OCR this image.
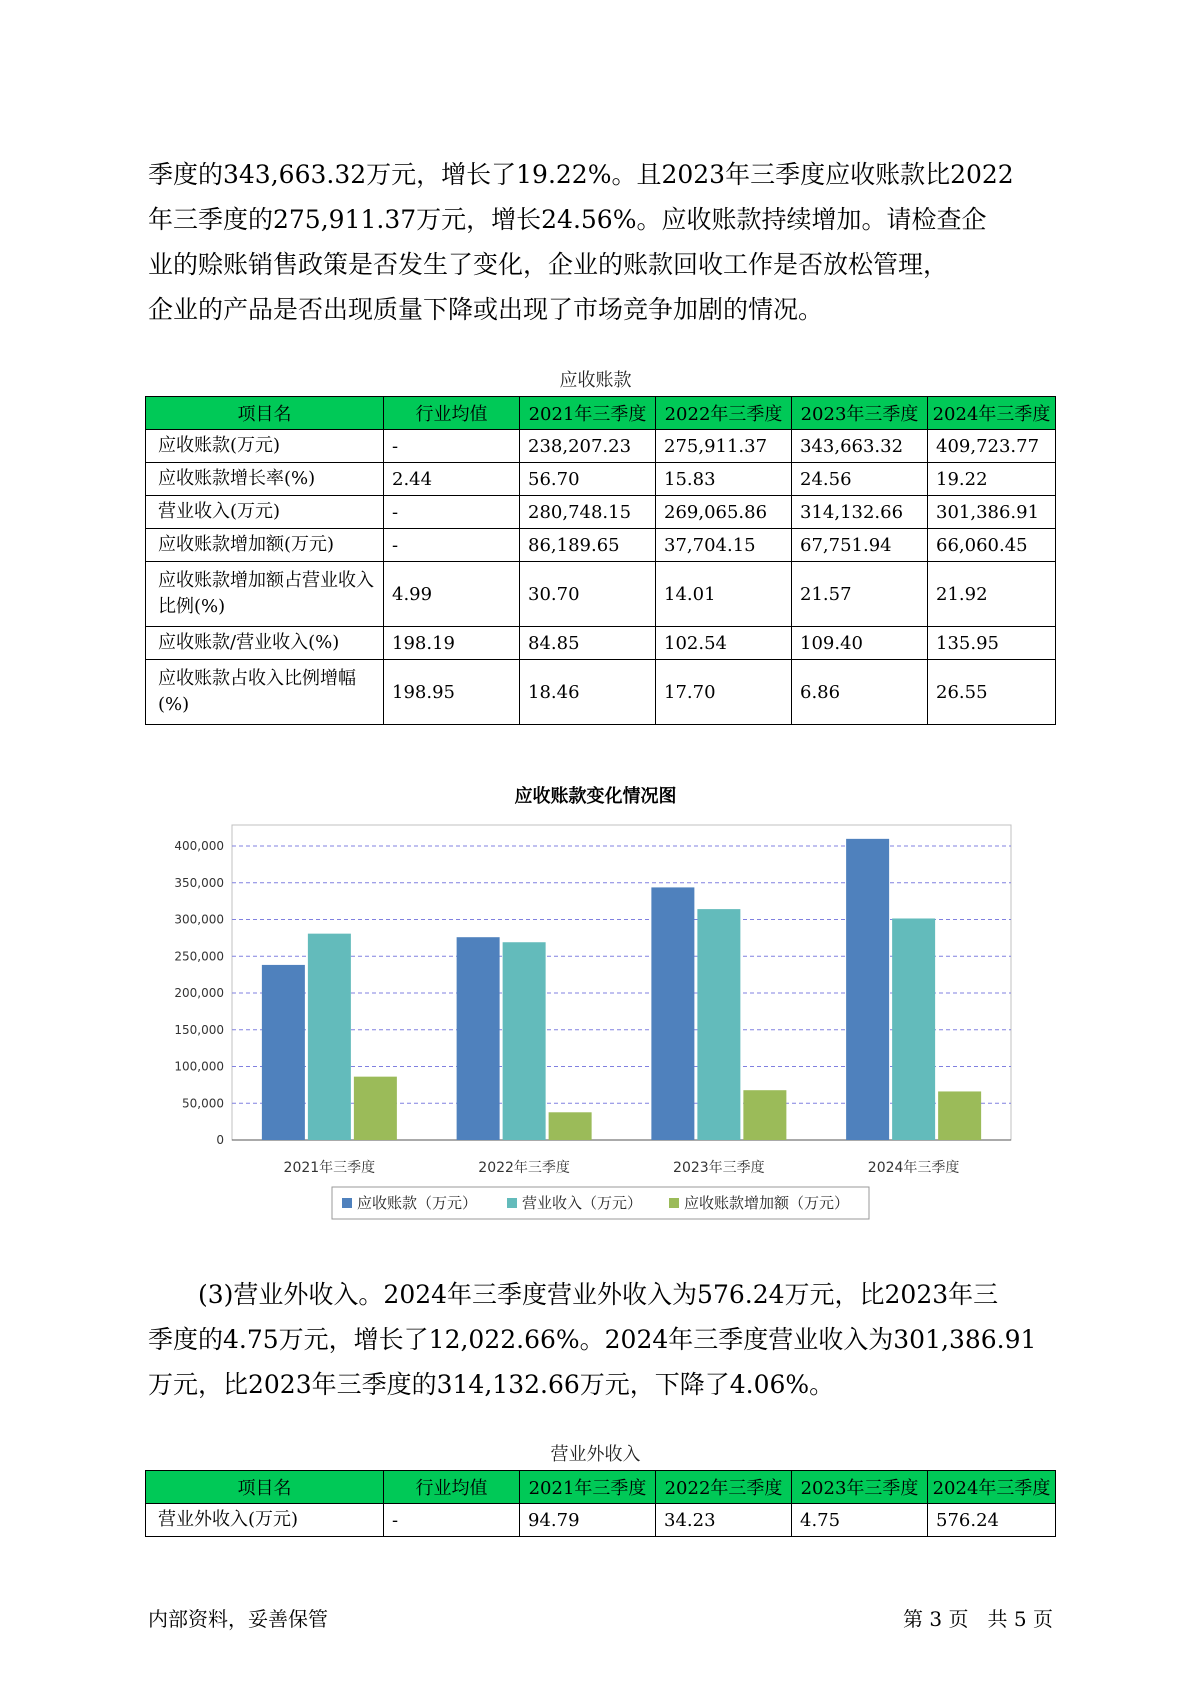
季度的343,663.32万元，增长了19.22%。且2023年三季度应收账款比2022
年三季度的275,911.37万元，增长24.56%。应收账款持续增加。请检查企
业的赊账销售政策是否发生了变化，企业的账款回收工作是否放松管理，
企业的产品是否出现质量下降或出现了市场竞争加剧的情况。
应收账款
项目名	行业均值	2021年三季度	2022年三季度	2023年三季度	2024年三季度
应收账款(万元)	-	238,207.23	275,911.37	343,663.32	409,723.77
应收账款增长率(%)	2.44	56.70	15.83	24.56	19.22
营业收入(万元)	-	280,748.15	269,065.86	314,132.66	301,386.91
应收账款增加额(万元)	-	86,189.65	37,704.15	67,751.94	66,060.45
应收账款增加额占营业收入比例(%)	4.99	30.70	14.01	21.57	21.92
应收账款/营业收入(%)	198.19	84.85	102.54	109.40	135.95
应收账款占收入比例增幅(%)	198.95	18.46	17.70	6.86	26.55
应收账款变化情况图
0
50,000
100,000
150,000
200,000
250,000
300,000
350,000
400,000
2021年三季度	2022年三季度	2023年三季度	2024年三季度
应收账款（万元）	营业收入（万元）	应收账款增加额（万元）
(3)营业外收入。2024年三季度营业外收入为576.24万元，比2023年三
季度的4.75万元，增长了12,022.66%。2024年三季度营业收入为301,386.91
万元，比2023年三季度的314,132.66万元，下降了4.06%。
营业外收入
项目名	行业均值	2021年三季度	2022年三季度	2023年三季度	2024年三季度
营业外收入(万元)	-	94.79	34.23	4.75	576.24
内部资料，妥善保管	第 3 页   共 5 页
